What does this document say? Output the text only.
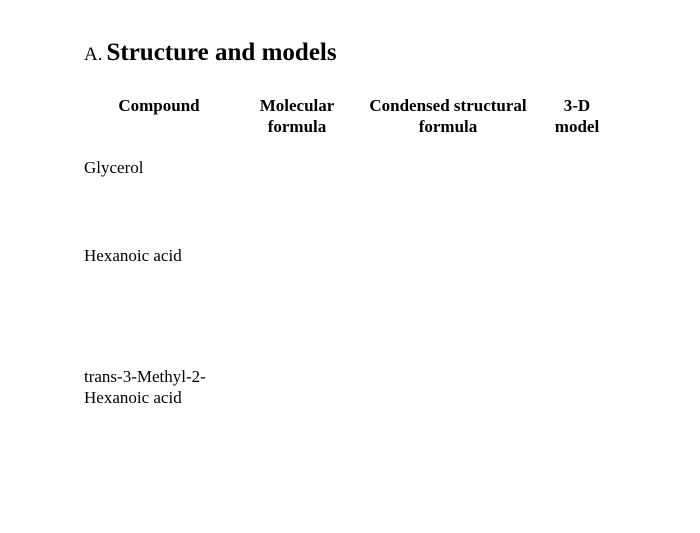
A. Structure and models
Compound	Molecular
formula
Condensed structural
formula
3-D
model
Glycerol
Hexanoic acid
trans-3-Methyl-2-
Hexanoic acid
